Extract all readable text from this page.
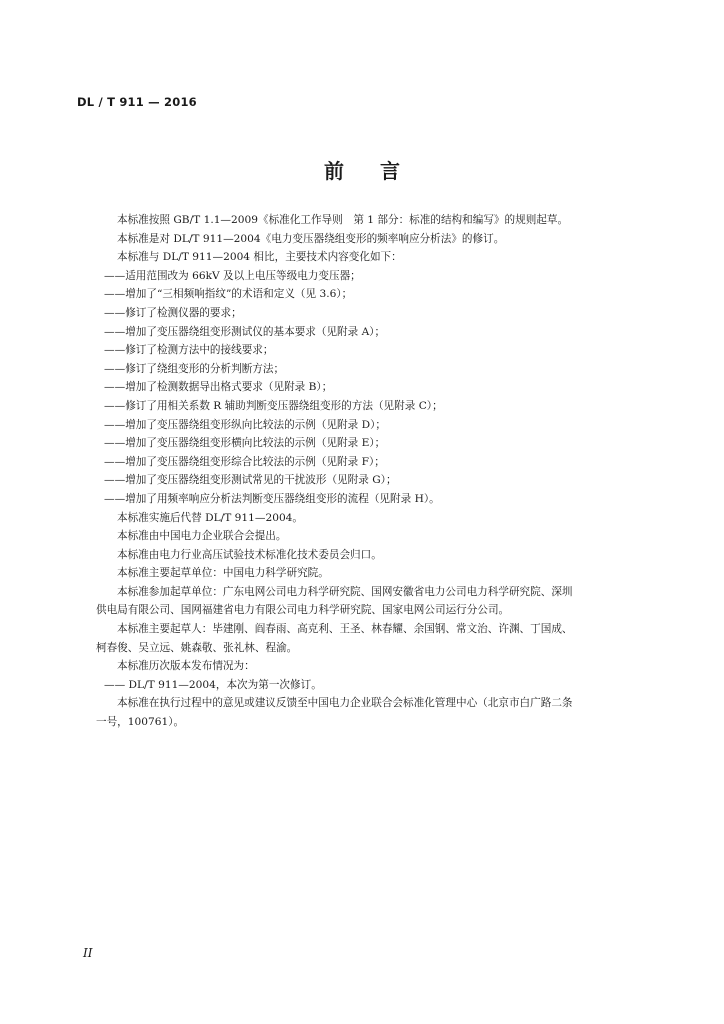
DL / T 911 — 2016
前言
本标准按照 GB/T 1.1—2009《标准化工作导则　第 1 部分：标准的结构和编写》的规则起草。
本标准是对 DL/T 911—2004《电力变压器绕组变形的频率响应分析法》的修订。
本标准与 DL/T 911—2004 相比，主要技术内容变化如下：
——适用范围改为 66kV 及以上电压等级电力变压器；
——增加了“三相频响指纹”的术语和定义（见 3.6）；
——修订了检测仪器的要求；
——增加了变压器绕组变形测试仪的基本要求（见附录 A）；
——修订了检测方法中的接线要求；
——修订了绕组变形的分析判断方法；
——增加了检测数据导出格式要求（见附录 B）；
——修订了用相关系数 R 辅助判断变压器绕组变形的方法（见附录 C）；
——增加了变压器绕组变形纵向比较法的示例（见附录 D）；
——增加了变压器绕组变形横向比较法的示例（见附录 E）；
——增加了变压器绕组变形综合比较法的示例（见附录 F）；
——增加了变压器绕组变形测试常见的干扰波形（见附录 G）；
——增加了用频率响应分析法判断变压器绕组变形的流程（见附录 H）。
本标准实施后代替 DL/T 911—2004。
本标准由中国电力企业联合会提出。
本标准由电力行业高压试验技术标准化技术委员会归口。
本标准主要起草单位：中国电力科学研究院。
本标准参加起草单位：广东电网公司电力科学研究院、国网安徽省电力公司电力科学研究院、深圳
供电局有限公司、国网福建省电力有限公司电力科学研究院、国家电网公司运行分公司。
本标准主要起草人：毕建刚、阎春雨、高克利、王圣、林春耀、余国钢、常文治、许渊、丁国成、
柯春俊、吴立远、姚森敬、张礼林、程渝。
本标准历次版本发布情况为：
—— DL/T 911—2004，本次为第一次修订。
本标准在执行过程中的意见或建议反馈至中国电力企业联合会标准化管理中心（北京市白广路二条
一号，100761）。
II
